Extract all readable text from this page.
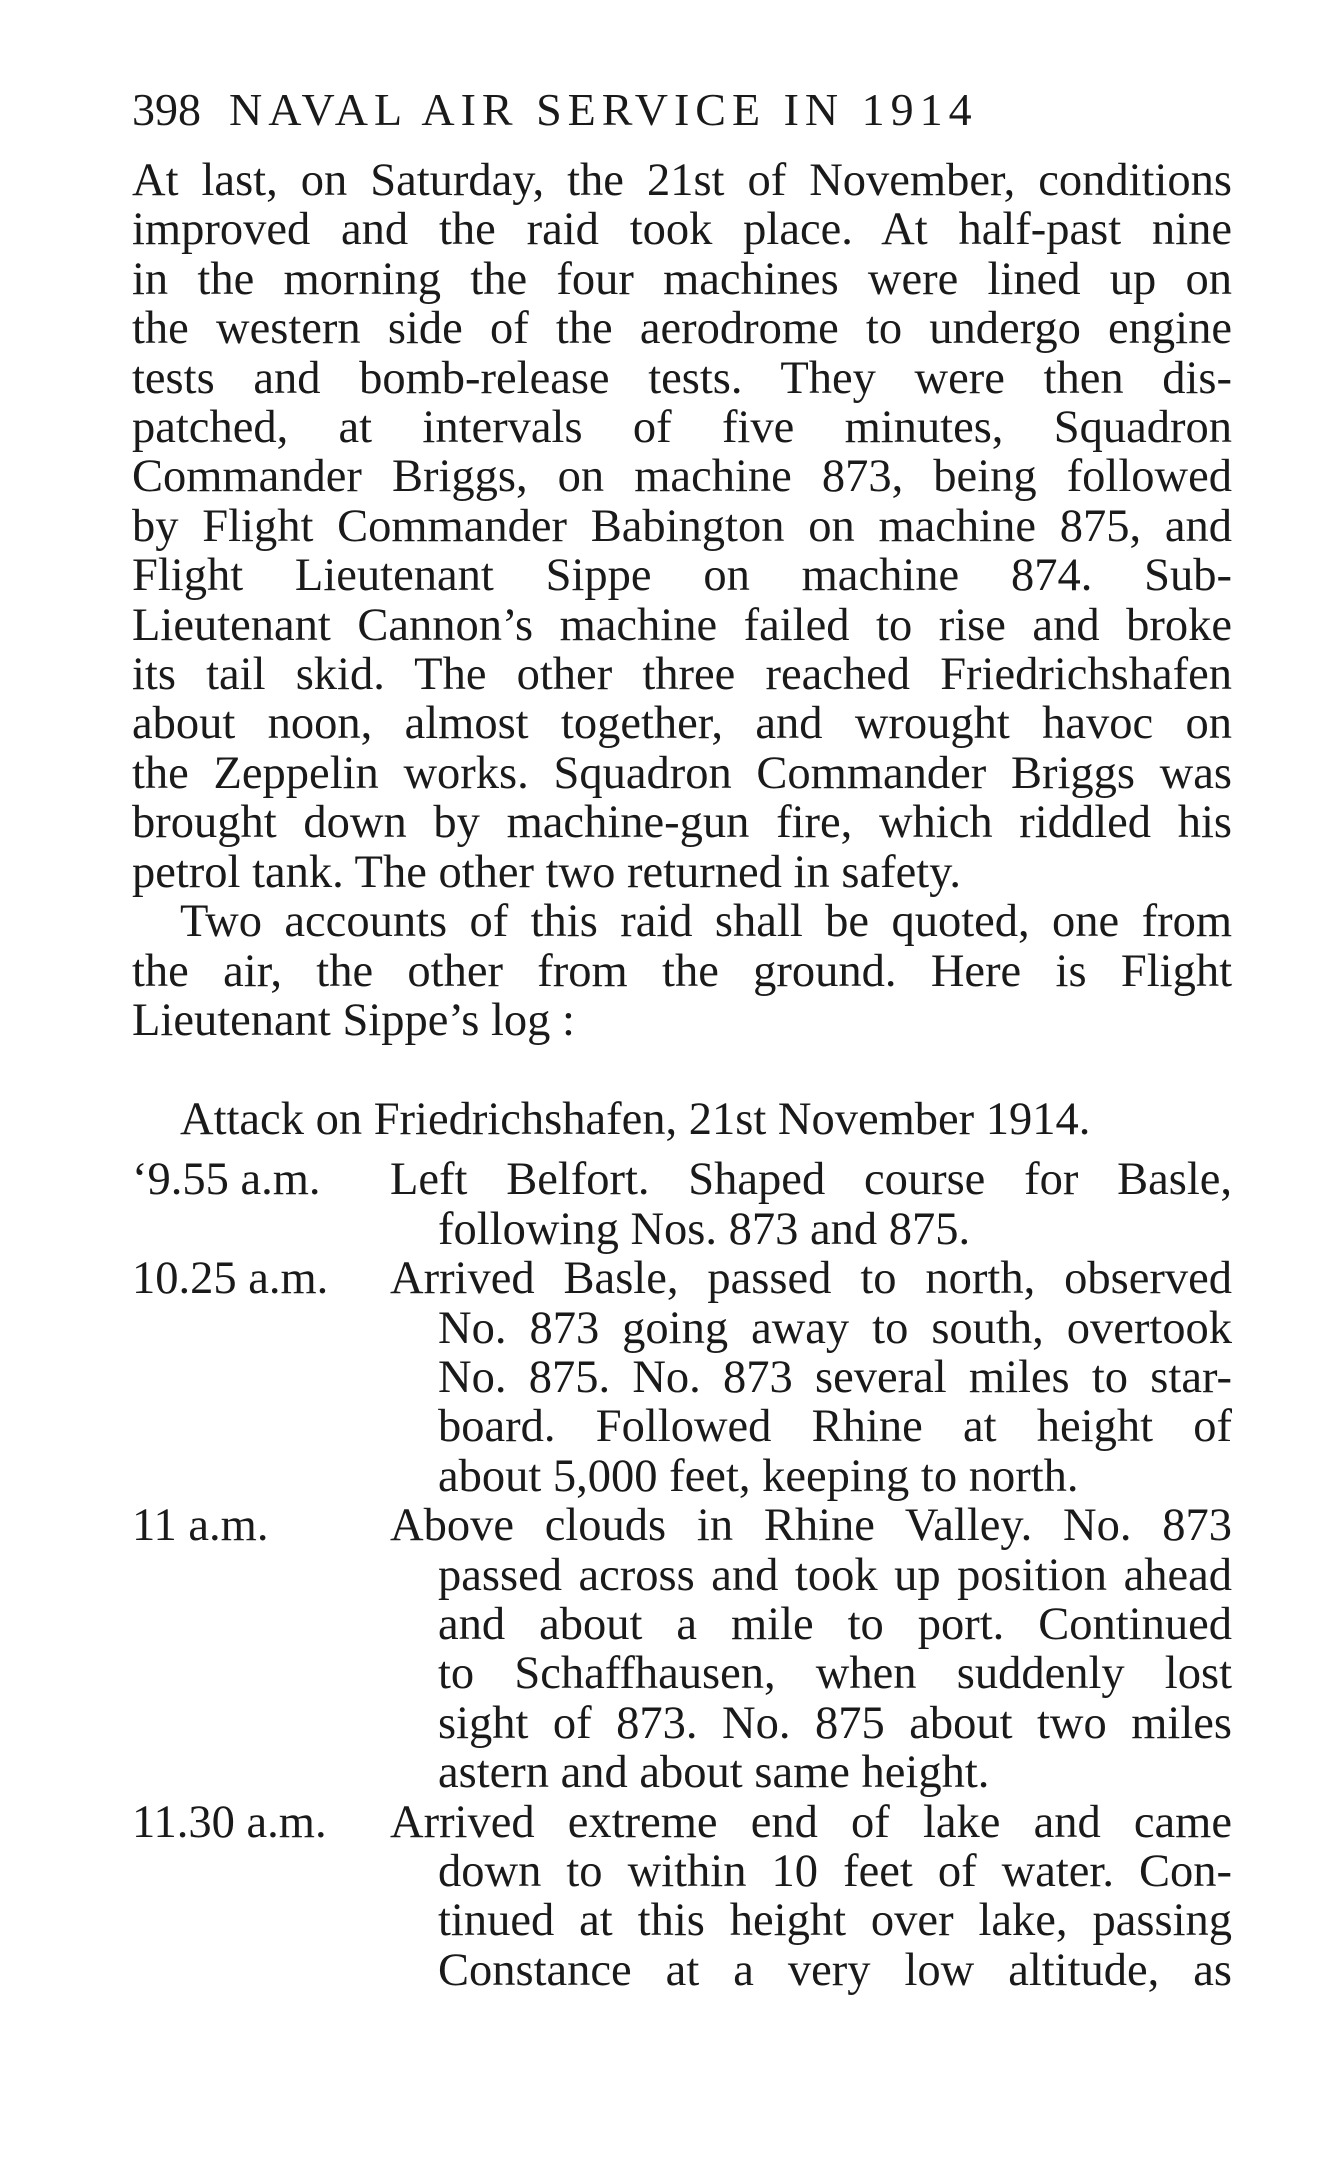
398 NAVAL AIR SERVICE IN 1914

At last, on Saturday, the 21st of November, conditions
improved and the raid took place. At half-past nine
in the morning the four machines were lined up on
the western side of the aerodrome to undergo engine
tests and bomb-release tests. They were then dis-
patched, at intervals of five minutes, Squadron
Commander Briggs, on machine 873, being followed
by Flight Commander Babington on machine 875, and
Flight Lieutenant Sippe on machine 874. Sub-
Lieutenant Cannon’s machine failed to rise and broke
its tail skid. The other three reached Friedrichshafen
about noon, almost together, and wrought havoc on
the Zeppelin works. Squadron Commander Briggs was
brought down by machine-gun fire, which riddled his
petrol tank. The other two returned in safety.

Two accounts of this raid shall be quoted, one from
the air, the other from the ground. Here is Flight
Lieutenant Sippe’s log :

Attack on Friedrichshafen, 21st November 1914.
‘9.55 a.m.	Left Belfort. Shaped course for Basle,
following Nos. 873 and 875.
10.25 a.m.	Arrived Basle, passed to north, observed
No. 873 going away to south, overtook
No. 875. No. 873 several miles to star-
board. Followed Rhine at height of
about 5,000 feet, keeping to north.
11 a.m.	Above clouds in Rhine Valley. No. 873
passed across and took up position ahead
and about a mile to port. Continued
to Schaffhausen, when suddenly lost
sight of 873. No. 875 about two miles
astern and about same height.
11.30 a.m.	Arrived extreme end of lake and came
down to within 10 feet of water. Con-
tinued at this height over lake, passing
Constance at a very low altitude, as
